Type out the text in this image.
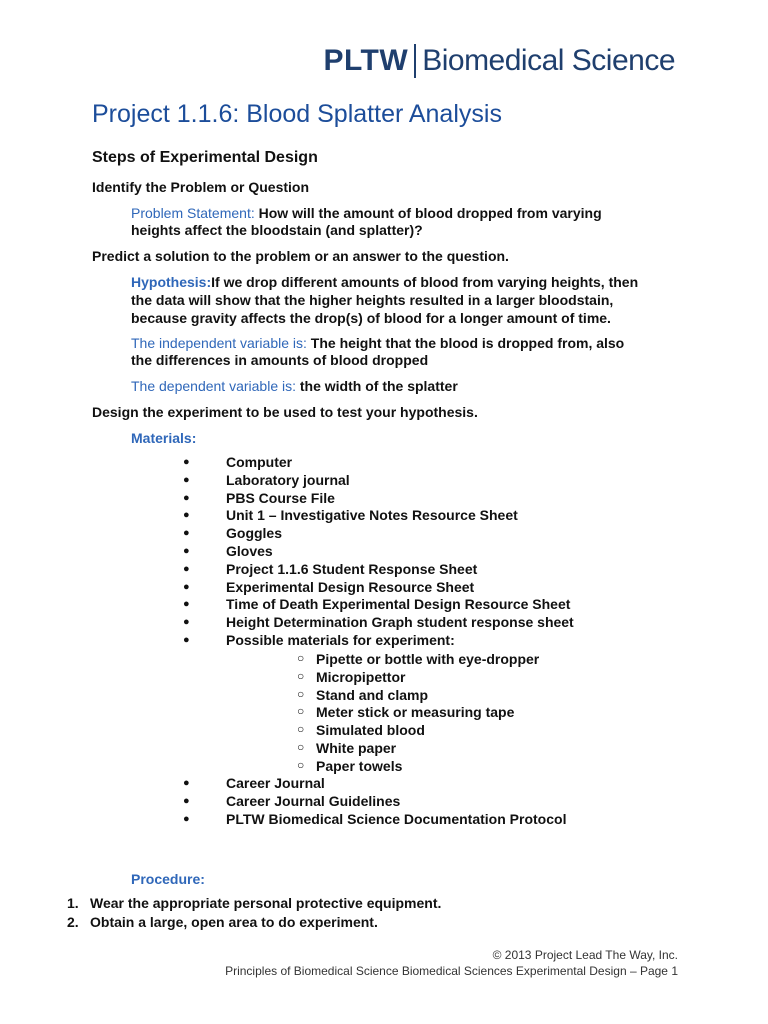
PLTW Biomedical Science
Project 1.1.6: Blood Splatter Analysis
Steps of Experimental Design

Identify the Problem or Question

Problem Statement: How will the amount of blood dropped from varying

heights affect the bloodstain (and splatter)?

Predict a solution to the problem or an answer to the question.

Hypothesis:If we drop different amounts of blood from varying heights, then

the data will show that the higher heights resulted in a larger bloodstain,

because gravity affects the drop(s) of blood for a longer amount of time.

The independent variable is: The height that the blood is dropped from, also

the differences in amounts of blood dropped

The dependent variable is: the width of the splatter

Design the experiment to be used to test your hypothesis.

Materials:

●	Computer
●	Laboratory journal
●	PBS Course File
●	Unit 1 – Investigative Notes Resource Sheet
●	Goggles
●	Gloves
●	Project 1.1.6 Student Response Sheet
●	Experimental Design Resource Sheet
●	Time of Death Experimental Design Resource Sheet
●	Height Determination Graph student response sheet
●	Possible materials for experiment:
○ Pipette or bottle with eye-dropper
○ Micropipettor
○ Stand and clamp
○ Meter stick or measuring tape
○ Simulated blood
○ White paper
○ Paper towels
●	Career Journal
●	Career Journal Guidelines
●	PLTW Biomedical Science Documentation Protocol

Procedure:

1. Wear the appropriate personal protective equipment.
2. Obtain a large, open area to do experiment.
© 2013 Project Lead The Way, Inc.
Principles of Biomedical Science Biomedical Sciences Experimental Design – Page 1
